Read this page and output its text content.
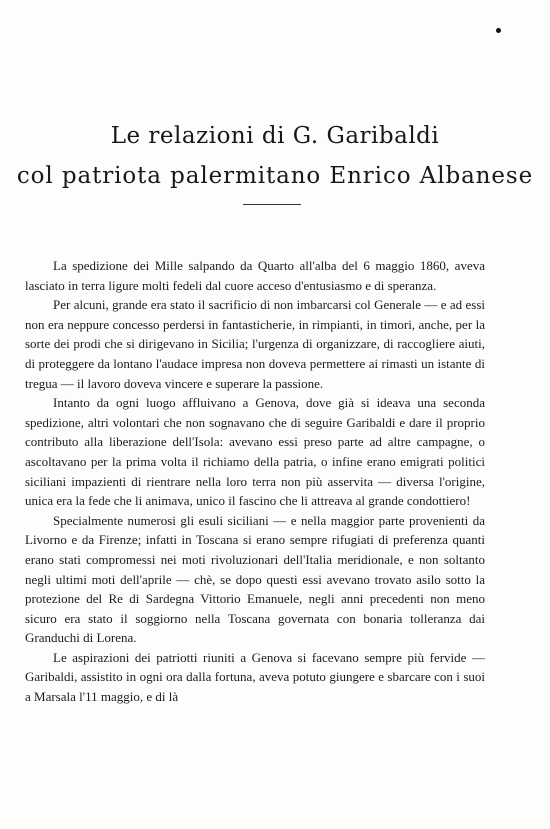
Le relazioni di G. Garibaldi
col patriota palermitano Enrico Albanese

La spedizione dei Mille salpando da Quarto all'alba del 6 maggio 1860, aveva lasciato in terra ligure molti fedeli dal cuore acceso d'entusiasmo e di speranza.

Per alcuni, grande era stato il sacrificio di non imbarcarsi col Generale — e ad essi non era neppure concesso perdersi in fantasticherie, in rimpianti, in timori, anche, per la sorte dei prodi che si dirigevano in Sicilia; l'urgenza di organizzare, di raccogliere aiuti, di proteggere da lontano l'audace impresa non doveva permettere ai rimasti un istante di tregua — il lavoro doveva vincere e superare la passione.

Intanto da ogni luogo affluivano a Genova, dove già si ideava una seconda spedizione, altri volontari che non sognavano che di seguire Garibaldi e dare il proprio contributo alla liberazione dell'Isola: avevano essi preso parte ad altre campagne, o ascoltavano per la prima volta il richiamo della patria, o infine erano emigrati politici siciliani impazienti di rientrare nella loro terra non più asservita — diversa l'origine, unica era la fede che li animava, unico il fascino che li attreava al grande condottiero!

Specialmente numerosi gli esuli siciliani — e nella maggior parte provenienti da Livorno e da Firenze; infatti in Toscana si erano sempre rifugiati di preferenza quanti erano stati compromessi nei moti rivoluzionari dell'Italia meridionale, e non soltanto negli ultimi moti dell'aprile — chè, se dopo questi essi avevano trovato asilo sotto la protezione del Re di Sardegna Vittorio Emanuele, negli anni precedenti non meno sicuro era stato il soggiorno nella Toscana governata con bonaria tolleranza dai Granduchi di Lorena.

Le aspirazioni dei patriotti riuniti a Genova si facevano sempre più fervide — Garibaldi, assistito in ogni ora dalla fortuna, aveva potuto giungere e sbarcare con i suoi a Marsala l'11 maggio, e di là
